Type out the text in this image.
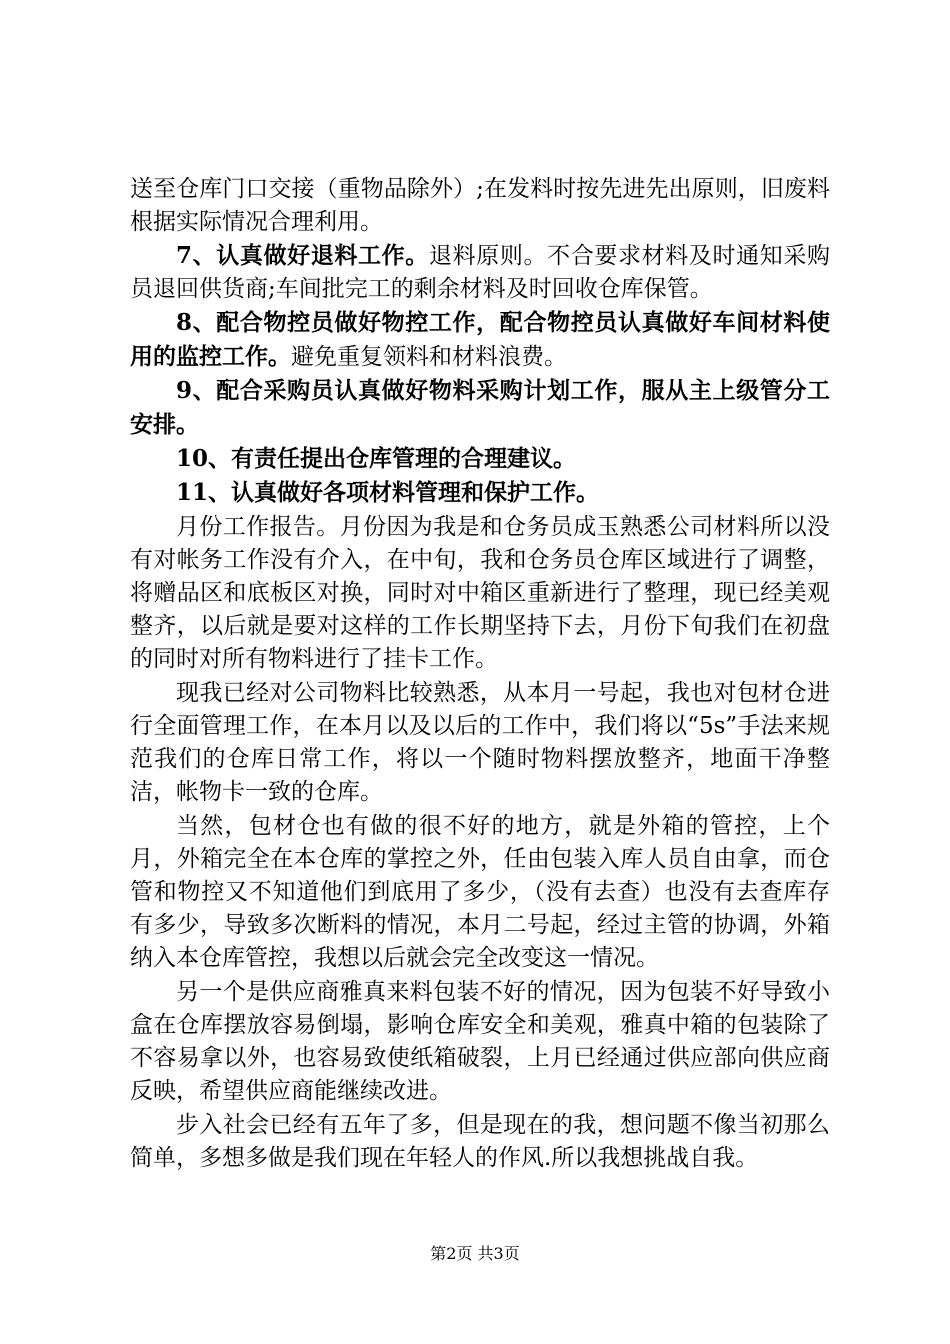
送至仓库门口交接（重物品除外）;在发料时按先进先出原则，旧废料根据实际情况合理利用。

7、认真做好退料工作。退料原则。不合要求材料及时通知采购员退回供货商;车间批完工的剩余材料及时回收仓库保管。

8、配合物控员做好物控工作，配合物控员认真做好车间材料使用的监控工作。避免重复领料和材料浪费。

9、配合采购员认真做好物料采购计划工作，服从主上级管分工安排。

10、有责任提出仓库管理的合理建议。

11、认真做好各项材料管理和保护工作。

月份工作报告。月份因为我是和仓务员成玉熟悉公司材料所以没有对帐务工作没有介入，在中旬，我和仓务员仓库区域进行了调整，将赠品区和底板区对换，同时对中箱区重新进行了整理，现已经美观整齐，以后就是要对这样的工作长期坚持下去，月份下旬我们在初盘的同时对所有物料进行了挂卡工作。

现我已经对公司物料比较熟悉，从本月一号起，我也对包材仓进行全面管理工作，在本月以及以后的工作中，我们将以“5s”手法来规范我们的仓库日常工作，将以一个随时物料摆放整齐，地面干净整洁，帐物卡一致的仓库。

当然，包材仓也有做的很不好的地方，就是外箱的管控，上个月，外箱完全在本仓库的掌控之外，任由包装入库人员自由拿，而仓管和物控又不知道他们到底用了多少，（没有去查）也没有去查库存有多少，导致多次断料的情况，本月二号起，经过主管的协调，外箱纳入本仓库管控，我想以后就会完全改变这一情况。

另一个是供应商雅真来料包装不好的情况，因为包装不好导致小盒在仓库摆放容易倒塌，影响仓库安全和美观，雅真中箱的包装除了不容易拿以外，也容易致使纸箱破裂，上月已经通过供应部向供应商反映，希望供应商能继续改进。

步入社会已经有五年了多，但是现在的我，想问题不像当初那么简单，多想多做是我们现在年轻人的作风.所以我想挑战自我。

第2页 共3页
